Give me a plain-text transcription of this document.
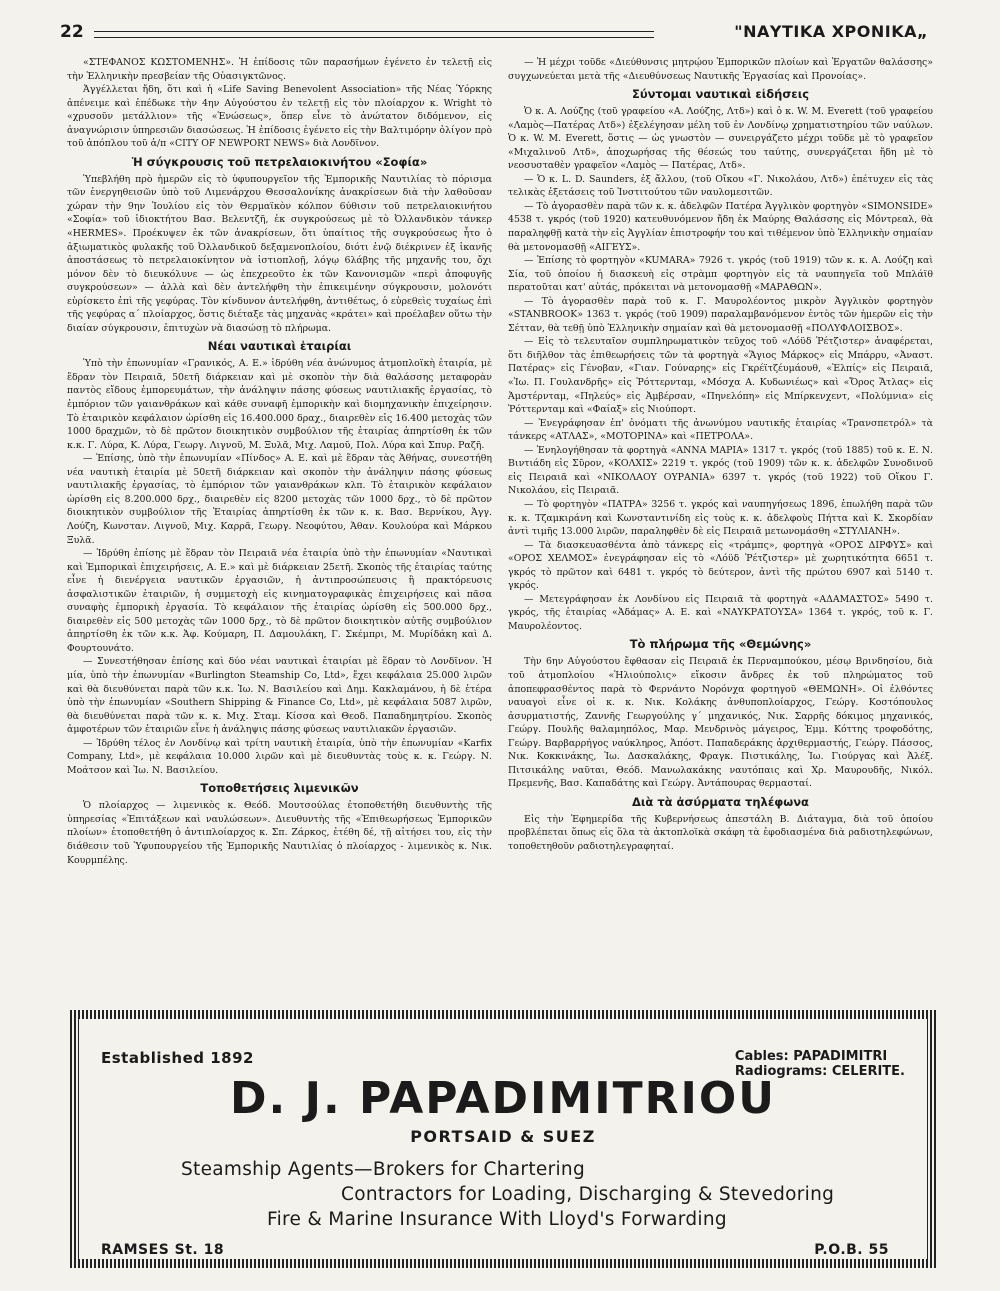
22	"ΝΑΥΤΙΚΑ ΧΡΟΝΙΚΑ„

«ΣΤΕΦΑΝΟΣ ΚΩΣΤΟΜΕΝΗΣ». Ἡ ἐπίδοσις τῶν παρασήμων ἐγένετο ἐν τελετῇ εἰς τὴν Ἑλληνικὴν πρεσβείαν τῆς Οὐασιγκτῶνος.

Ἀγγέλλεται ἤδη, ὅτι καὶ ἡ «Life Saving Benevolent Association» τῆς Νέας Ὑόρκης ἀπένειμε καὶ ἐπέδωκε τὴν 4ην Αὐγούστου ἐν τελετῇ εἰς τὸν πλοίαρχον κ. Wright τὸ «χρυσοῦν μετάλλιον» τῆς «Ἑνώσεως», ὅπερ εἶνε τὸ ἀνώτατον διδόμενον, εἰς ἀναγνώρισιν ὑπηρεσιῶν διασώσεως. Ἡ ἐπίδοσις ἐγένετο εἰς τὴν Βαλτιμόρην ὀλίγον πρὸ τοῦ ἀπόπλου τοῦ ἀ/π «CITY OF NEWPORT NEWS» διὰ Λονδῖνον.

Ἡ σύγκρουσις τοῦ πετρελαιοκινήτου «Σοφία»

Ὑπεβλήθη πρὸ ἡμερῶν εἰς τὸ ὑφυπουργεῖον τῆς Ἐμπορικῆς Ναυτιλίας τὸ πόρισμα τῶν ἐνεργηθεισῶν ὑπὸ τοῦ Λιμενάρχου Θεσσαλονίκης ἀνακρίσεων διὰ τὴν λαθοῦσαν χώραν τὴν 9ην Ἰουλίου εἰς τὸν Θερμαϊκὸν κόλπον 6ύθισιν τοῦ πετρελαιοκινήτου «Σοφία» τοῦ ἰδιοκτήτου Βασ. Βελεντζῆ, ἐκ συγκρούσεως μὲ τὸ Ὀλλανδικὸν τάνκερ «HERMES». Προέκυψεν ἐκ τῶν ἀνακρίσεων, ὅτι ὑπαίτιος τῆς συγκρούσεως ἦτο ὁ ἀξιωματικὸς φυλακῆς τοῦ Ὀλλανδικοῦ δεξαμενοπλοίου, διότι ἐνῷ διέκρινεν ἐξ ἱκανῆς ἀποστάσεως τὸ πετρελαιοκίνητον νὰ ἱστιοπλοῇ, λόγῳ 6λάβης τῆς μηχανῆς του, ὄχι μόνον δὲν τὸ διευκόλυνε — ὡς ἐπεχρεοῦτο ἐκ τῶν Κανονισμῶν «περὶ ἀποφυγῆς συγκρούσεων» — ἀλλὰ καὶ δὲν ἀντελήφθη τὴν ἐπικειμένην σύγκρουσιν, μολονότι εὑρίσκετο ἐπὶ τῆς γεφύρας. Τὸν κίνδυνον ἀντελήφθη, ἀντιθέτως, ὁ εὑρεθεὶς τυχαίως ἐπὶ τῆς γεφύρας α΄ πλοίαρχος, ὅστις διέταξε τὰς μηχανὰς «κράτει» καὶ προέλαβεν οὕτω τὴν διαίαν σύγκρουσιν, ἐπιτυχὼν νὰ διασώσῃ τὸ πλήρωμα.

Νέαι ναυτικαὶ ἑταιρίαι

Ὑπὸ τὴν ἐπωνυμίαν «Γρανικός, Α. Ε.» ἱδρύθη νέα ἀνώνυμος ἀτμοπλοϊκὴ ἑταιρία, μὲ ἕδραν τὸν Πειραιᾶ, 50ετῆ διάρκειαν καὶ μὲ σκοπὸν τὴν διὰ θαλάσσης μεταφορὰν παντὸς εἴδους ἐμπορευμάτων, τὴν ἀνάληψιν πάσης φύσεως ναυτιλιακῆς ἐργασίας, τὸ ἐμπόριον τῶν γαιανθράκων καὶ κάθε συναφῆ ἐμπορικὴν καὶ διομηχανικὴν ἐπιχείρησιν. Τὸ ἑταιρικὸν κεφάλαιον ὡρίσθη εἰς 16.400.000 δραχ., διαιρεθὲν εἰς 16.400 μετοχὰς τῶν 1000 δραχμῶν, τὸ δὲ πρῶτον διοικητικὸν συμβούλιον τῆς ἑταιρίας ἀπηρτίσθη ἐκ τῶν κ.κ. Γ. Λύρα, Κ. Λύρα, Γεωργ. Λιγνοῦ, Μ. Ξυλᾶ, Μιχ. Λαμοῦ, Πολ. Λύρα καὶ Σπυρ. Ραζῆ.

— Ἐπίσης, ὑπὸ τὴν ἐπωνυμίαν «Πίνδος» Α. Ε. καὶ μὲ ἕδραν τὰς Ἀθήνας, συνεστήθη νέα ναυτικὴ ἑταιρία μὲ 50ετῆ διάρκειαν καὶ σκοπὸν τὴν ἀνάληψιν πάσης φύσεως ναυτιλιακῆς ἐργασίας, τὸ ἐμπόριον τῶν γαιανθράκων κλπ. Τὸ ἑταιρικὸν κεφάλαιον ὡρίσθη εἰς 8.200.000 δρχ., διαιρεθὲν εἰς 8200 μετοχὰς τῶν 1000 δρχ., τὸ δὲ πρῶτον διοικητικὸν συμβούλιον τῆς Ἑταιρίας ἀπηρτίσθη ἐκ τῶν κ. κ. Βασ. Βερνίκου, Ἀγγ. Λούζη, Κωνσταν. Λιγνοῦ, Μιχ. Καρρᾶ, Γεωργ. Νεοφύτου, Ἀθαν. Κουλούρα καὶ Μάρκου Ξυλᾶ.

— Ἱδρύθη ἐπίσης μὲ ἕδραν τὸν Πειραιᾶ νέα ἑταιρία ὑπὸ τὴν ἐπωνυμίαν «Ναυτικαὶ καὶ Ἐμπορικαὶ ἐπιχειρήσεις, Α. Ε.» καὶ μὲ διάρκειαν 25ετῆ. Σκοπὸς τῆς ἑταιρίας ταύτης εἶνε ἡ διενέργεια ναυτικῶν ἐργασιῶν, ἡ ἀντιπροσώπευσις ἢ πρακτόρευσις ἀσφαλιστικῶν ἑταιριῶν, ἡ συμμετοχὴ εἰς κινηματογραφικὰς ἐπιχειρήσεις καὶ πᾶσα συναφὴς ἐμπορικὴ ἐργασία. Τὸ κεφάλαιον τῆς ἑταιρίας ὡρίσθη εἰς 500.000 δρχ., διαιρεθὲν εἰς 500 μετοχὰς τῶν 1000 δρχ., τὸ δὲ πρῶτον διοικητικὸν αὐτῆς συμβούλιον ἀπηρτίσθη ἐκ τῶν κ.κ. Ἀφ. Κούμαρη, Π. Δαμουλάκη, Γ. Σκέμπρι, Μ. Μυρίδάκη καὶ Δ. Φουρτουνάτο.

— Συνεστήθησαν ἐπίσης καὶ δύο νέαι ναυτικαὶ ἑταιρίαι μὲ ἕδραν τὸ Λονδῖνον. Ἡ μία, ὑπὸ τὴν ἐπωνυμίαν «Burlington Steamship Co, Ltd», ἔχει κεφάλαια 25.000 λιρῶν καὶ θὰ διευθύνεται παρὰ τῶν κ.κ. Ἰω. Ν. Βασιλείου καὶ Δημ. Κακλαμάνου, ἡ δὲ ἑτέρα ὑπὸ τὴν ἐπωνυμίαν «Southern Shipping & Finance Co, Ltd», μὲ κεφάλαια 5087 λιρῶν, θὰ διευθύνεται παρὰ τῶν κ. κ. Μιχ. Σταμ. Κίσσα καὶ Θεοδ. Παπαδημητρίου. Σκοπὸς ἀμφοτέρων τῶν ἑταιριῶν εἶνε ἡ ἀνάληψις πάσης φύσεως ναυτιλιακῶν ἐργασιῶν.

— Ἱδρύθη τέλος ἐν Λονδίνῳ καὶ τρίτη ναυτικὴ ἑταιρία, ὑπὸ τὴν ἐπωνυμίαν «Karfix Company, Ltd», μὲ κεφάλαια 10.000 λιρῶν καὶ μὲ διευθυντὰς τοὺς κ. κ. Γεώργ. Ν. Μοάτσον καὶ Ἰω. Ν. Βασιλείου.

Τοποθετήσεις λιμενικῶν

Ὁ πλοίαρχος — λιμενικὸς κ. Θεόδ. Μουτσούλας ἐτοποθετήθη διευθυντὴς τῆς ὑπηρεσίας «Ἐπιτάξεων καὶ ναυλώσεων». Διευθυντὴς τῆς «Ἐπιθεωρήσεως Ἐμπορικῶν πλοίων» ἐτοποθετήθη ὁ ἀντιπλοίαρχος κ. Σπ. Ζάρκος, ἐτέθη δέ, τῇ αἰτήσει του, εἰς τὴν διάθεσιν τοῦ Ὑφυπουργείου τῆς Ἐμπορικῆς Ναυτιλίας ὁ πλοίαρχος - λιμενικὸς κ. Νικ. Κουρμπέλης.

— Ἡ μέχρι τοῦδε «Διεύθυνσις μητρῴου Ἐμπορικῶν πλοίων καὶ Ἐργατῶν θαλάσσης» συγχωνεύεται μετὰ τῆς «Διευθύνσεως Ναυτικῆς Ἐργασίας καὶ Προνοίας».

Σύντομαι ναυτικαὶ εἰδήσεις

Ὁ κ. Α. Λούζης (τοῦ γραφείου «Α. Λούζης, Λτδ») καὶ ὁ κ. W. M. Everett (τοῦ γραφείου «Λαμὸς—Πατέρας Λτδ») ἐξελέγησαν μέλη τοῦ ἐν Λονδίνῳ χρηματιστηρίου τῶν ναύλων. Ὁ κ. W. M. Everett, ὅστις — ὡς γνωστὸν — συνειργάζετο μέχρι τοῦδε μὲ τὸ γραφεῖον «Μιχαλινοῦ Λτδ», ἀποχωρήσας τῆς θέσεώς του ταύτης, συνεργάζεται ἤδη μὲ τὸ νεοσυσταθὲν γραφεῖον «Λαμὸς — Πατέρας, Λτδ».

— Ὁ κ. L. D. Saunders, ἐξ ἄλλου, (τοῦ Οἴκου «Γ. Νικολάου, Λτδ») ἐπέτυχεν εἰς τὰς τελικὰς ἐξετάσεις τοῦ Ἰνστιτούτου τῶν ναυλομεσιτῶν.

— Τὸ ἀγορασθὲν παρὰ τῶν κ. κ. ἀδελφῶν Πατέρα Ἀγγλικὸν φορτηγὸν «SIMONSIDE» 4538 τ. γκρός (τοῦ 1920) κατευθυνόμενον ἤδη ἐκ Μαύρης Θαλάσσης εἰς Μόντρεαλ, θὰ παραληφθῇ κατὰ τὴν εἰς Ἀγγλίαν ἐπιστροφήν του καὶ τιθέμενον ὑπὸ Ἑλληνικὴν σημαίαν θὰ μετονομασθῇ «ΑΙΓΕΥΣ».

— Ἐπίσης τὸ φορτηγὸν «KUMARA» 7926 τ. γκρός (τοῦ 1919) τῶν κ. κ. Α. Λούζη καὶ Σία, τοῦ ὁποίου ἡ διασκευὴ εἰς στρὰμπ φορτηγὸν εἰς τὰ ναυπηγεῖα τοῦ Μπλάϊθ περατοῦται κατ' αὐτάς, πρόκειται νὰ μετονομασθῇ «ΜΑΡΑΘΩΝ».

— Τὸ ἀγορασθὲν παρὰ τοῦ κ. Γ. Μαυρολέοντος μικρὸν Ἀγγλικὸν φορτηγὸν «STANBROOK» 1363 τ. γκρός (τοῦ 1909) παραλαμβανόμενον ἐντὸς τῶν ἡμερῶν εἰς τὴν Σέτταν, θὰ τεθῇ ὑπὸ Ἑλληνικὴν σημαίαν καὶ θὰ μετονομασθῇ «ΠΟΛΥΦΛΟΙΣΒΟΣ».

— Εἰς τὸ τελευταῖον συμπληρωματικὸν τεῦχος τοῦ «Λόϋδ Ῥέτζιστερ» ἀναφέρεται, ὅτι διῆλθον τὰς ἐπιθεωρήσεις τῶν τὰ φορτηγὰ «Ἅγιος Μάρκος» εἰς Μπάρρυ, «Ἀναστ. Πατέρας» εἰς Γένοβαν, «Γιαν. Γούναρης» εἰς Γκρέϊτζέυμάουθ, «Ἐλπίς» εἰς Πειραιᾶ, «Ἰω. Π. Γουλανδρῆς» εἰς Ῥόττερνταμ, «Μόσχα Α. Κυδωνιέως» καὶ «Ὄρος Ἄτλας» εἰς Ἀμστέρνταμ, «Πηλεύς» εἰς Ἀμβέρσαν, «Πηνελόπη» εἰς Μπίρκενχεντ, «Πολύμνια» εἰς Ῥόττερνταμ καὶ «Φαίαξ» εἰς Νιούπορτ.

— Ἐνεγράφησαν ἐπ' ὀνόματι τῆς ἀνωνύμου ναυτικῆς ἑταιρίας «Τρανσπετρόλ» τὰ τάνκερς «ΑΤΛΑΣ», «ΜΟΤΟΡΙΝΑ» καὶ «ΠΕΤΡΟΛΑ».

— Ἐνηλογήθησαν τὰ φορτηγὰ «ΑΝΝΑ ΜΑΡΙΑ» 1317 τ. γκρός (τοῦ 1885) τοῦ κ. Ε. Ν. Βιντιάδη εἰς Σῦρον, «ΚΟΛΧΙΣ» 2219 τ. γκρός (τοῦ 1909) τῶν κ. κ. ἀδελφῶν Συνοδινοῦ εἰς Πειραιᾶ καὶ «ΝΙΚΟΛΑΟΥ ΟΥΡΑΝΙΑ» 6397 τ. γκρός (τοῦ 1922) τοῦ Οἴκου Γ. Νικολάου, εἰς Πειραιᾶ.

— Τὸ φορτηγὸν «ΠΑΤΡΑ» 3256 τ. γκρός καὶ ναυπηγήσεως 1896, ἐπωλήθη παρὰ τῶν κ. κ. Τζαμκιράνη καὶ Κωνσταντινίδη εἰς τοὺς κ. κ. ἀδελφοὺς Πήττα καὶ Κ. Σκορδίαν ἀντὶ τιμῆς 13.000 λιρῶν, παραληφθὲν δὲ εἰς Πειραιᾶ μετωνομάσθη «ΣΤΥΛΙΑΝΗ».

— Τὰ διασκευασθέντα ἀπὸ τάνκερς εἰς «τράμπς», φορτηγὰ «ΟΡΟΣ ΔΙΡΦΥΣ» καὶ «ΟΡΟΣ ΧΕΛΜΟΣ» ἐνεγράφησαν εἰς τὸ «Λόϋδ Ῥέτζιστερ» μὲ χωρητικότητα 6651 τ. γκρός τὸ πρῶτον καὶ 6481 τ. γκρός τὸ δεύτερον, ἀντὶ τῆς πρώτου 6907 καὶ 5140 τ. γκρός.

— Μετεγράφησαν ἐκ Λονδίνου εἰς Πειραιᾶ τὰ φορτηγὰ «ΑΔΑΜΑΣΤΟΣ» 5490 τ. γκρός, τῆς ἑταιρίας «Ἀδάμας» Α. Ε. καὶ «ΝΑΥΚΡΑΤΟΥΣΑ» 1364 τ. γκρός, τοῦ κ. Γ. Μαυρολέοντος.

Τὸ πλήρωμα τῆς «Θεμώνης»

Τὴν 6ην Αὐγούστου ἔφθασαν εἰς Πειραιᾶ ἐκ Περναμπούκου, μέσῳ Βρινδησίου, διὰ τοῦ ἀτμοπλοίου «Ἡλιούπολις» εἴκοσιν ἄνδρες ἐκ τοῦ πληρώματος τοῦ ἀποπεφρασθέντος παρὰ τὸ Φερνάντο Νορόνχα φορτηγοῦ «ΘΕΜΩΝΗ». Οἱ ἐλθόντες ναυαγοὶ εἶνε οἱ κ. κ. Νικ. Κολάκης ἀνθυποπλοίαρχος, Γεώργ. Κοστόπουλος ἀσυρματιστής, Ζαννῆς Γεωργούλης γ΄ μηχανικός, Νικ. Σαρρῆς δόκιμος μηχανικός, Γεώργ. Πουλῆς θαλαμηπόλος, Μαρ. Μενδρινὸς μάγειρος, Ἑμμ. Κόττης τροφοδότης, Γεώργ. Βαρβαρρήγος ναύκληρος, Ἀπόστ. Παπαδεράκης ἀρχιθερμαστής, Γεώργ. Πάσσος, Νικ. Κοκκινάκης, Ἰω. Δασκαλάκης, Φραγκ. Πιστικάλης, Ἰω. Γιούργας καὶ Ἀλέξ. Πιτσικάλης ναῦται, Θεόδ. Μανωλακάκης ναυτόπαις καὶ Χρ. Μαυρουδῆς, Νικόλ. Πρεμενῆς, Βασ. Καπαδάτης καὶ Γεώργ. Ἀντάπουρας θερμασταί.

Διὰ τὰ ἀσύρματα τηλέφωνα

Εἰς τὴν Ἐφημερίδα τῆς Κυβερνήσεως ἀπεστάλη Β. Διάταγμα, διὰ τοῦ ὁποίου προβλέπεται ὅπως εἰς ὅλα τὰ ἀκτοπλοϊκὰ σκάφη τὰ ἐφοδιασμένα διὰ ραδιοτηλεφώνων, τοποθετηθοῦν ραδιοτηλεγραφηταί.

Established 1892	Cables: PAPADIMITRI
Radiograms: CELERITE.
D. J. PAPADIMITRIOU
PORTSAID & SUEZ
Steamship Agents—Brokers for Chartering
Contractors for Loading, Discharging & Stevedoring
Fire & Marine Insurance With Lloyd's Forwarding
RAMSES St. 18	P.O.B. 55
